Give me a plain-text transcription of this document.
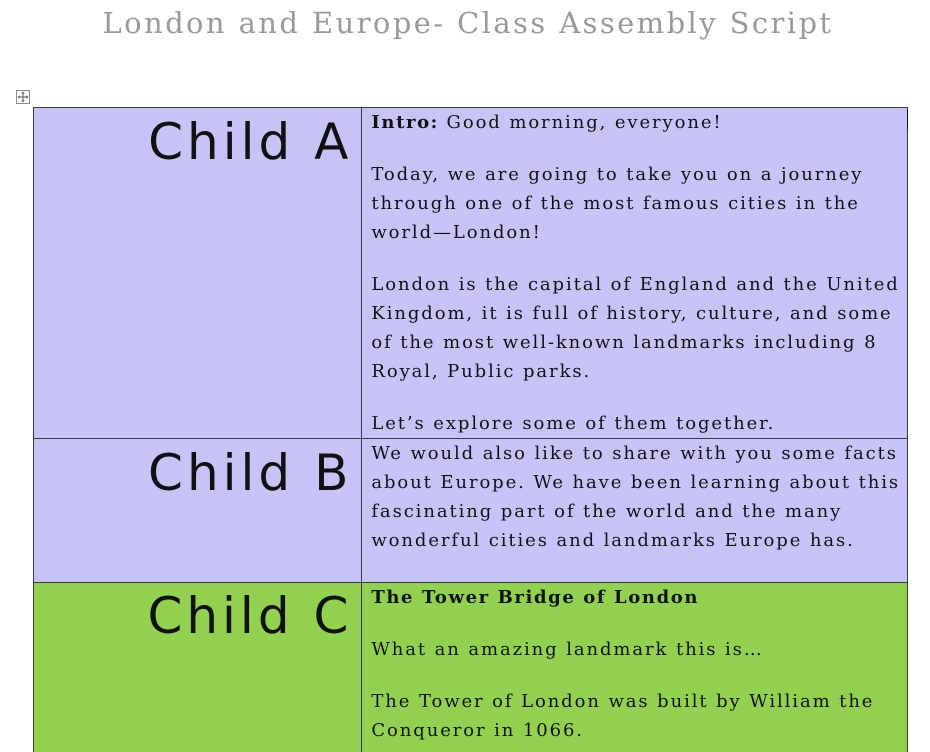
London and Europe- Class Assembly Script
Child A	Intro: Good morning, everyone!

Today, we are going to take you on a journey through one of the most famous cities in the world—London!

London is the capital of England and the United Kingdom, it is full of history, culture, and some of the most well-known landmarks including 8 Royal, Public parks.

Let’s explore some of them together.

Child B	We would also like to share with you some facts about Europe. We have been learning about this fascinating part of the world and the many wonderful cities and landmarks Europe has.

Child C	The Tower Bridge of London

What an amazing landmark this is…

The Tower of London was built by William the Conqueror in 1066.
